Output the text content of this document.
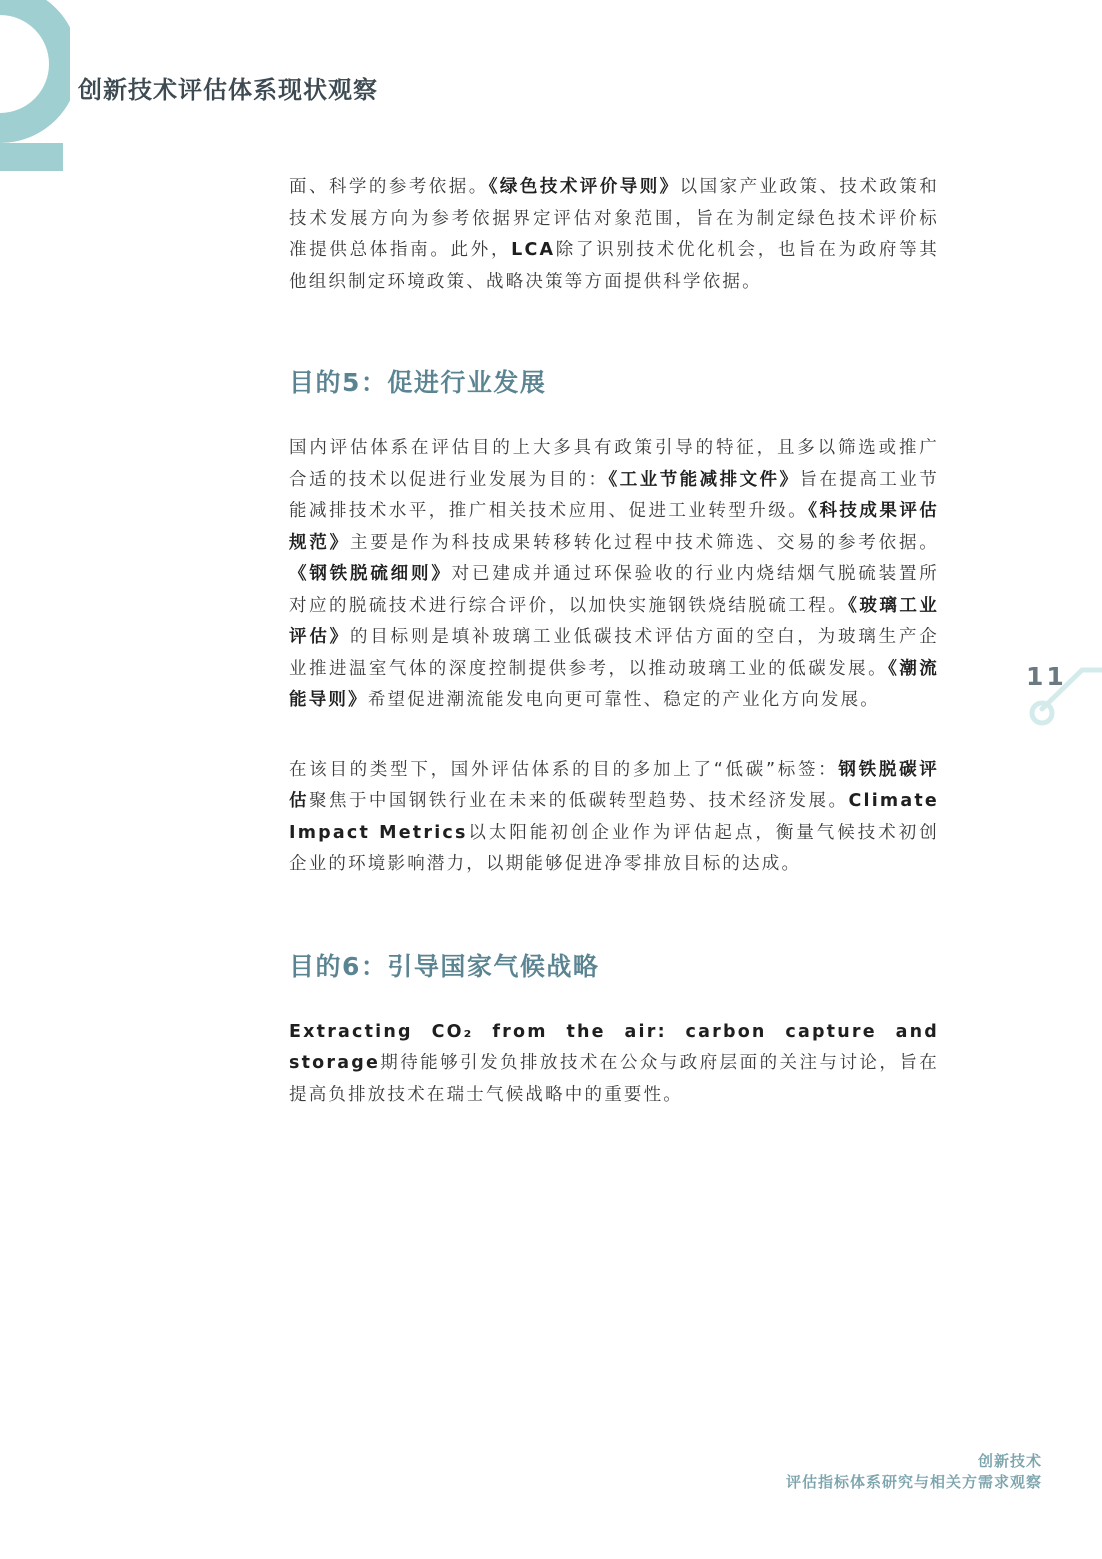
创新技术评估体系现状观察

面、科学的参考依据。《绿色技术评价导则》以国家产业政策、技术政策和技术发展方向为参考依据界定评估对象范围，旨在为制定绿色技术评价标准提供总体指南。此外，LCA除了识别技术优化机会，也旨在为政府等其他组织制定环境政策、战略决策等方面提供科学依据。

目的5：促进行业发展

国内评估体系在评估目的上大多具有政策引导的特征，且多以筛选或推广合适的技术以促进行业发展为目的：《工业节能减排文件》旨在提高工业节能减排技术水平，推广相关技术应用、促进工业转型升级。《科技成果评估规范》主要是作为科技成果转移转化过程中技术筛选、交易的参考依据。《钢铁脱硫细则》对已建成并通过环保验收的行业内烧结烟气脱硫装置所对应的脱硫技术进行综合评价，以加快实施钢铁烧结脱硫工程。《玻璃工业评估》的目标则是填补玻璃工业低碳技术评估方面的空白，为玻璃生产企业推进温室气体的深度控制提供参考，以推动玻璃工业的低碳发展。《潮流能导则》希望促进潮流能发电向更可靠性、稳定的产业化方向发展。

在该目的类型下，国外评估体系的目的多加上了“低碳”标签：钢铁脱碳评估聚焦于中国钢铁行业在未来的低碳转型趋势、技术经济发展。Climate Impact Metrics以太阳能初创企业作为评估起点，衡量气候技术初创企业的环境影响潜力，以期能够促进净零排放目标的达成。

目的6：引导国家气候战略

Extracting CO₂ from the air: carbon capture and storage期待能够引发负排放技术在公众与政府层面的关注与讨论，旨在提高负排放技术在瑞士气候战略中的重要性。

11
创新技术
评估指标体系研究与相关方需求观察
